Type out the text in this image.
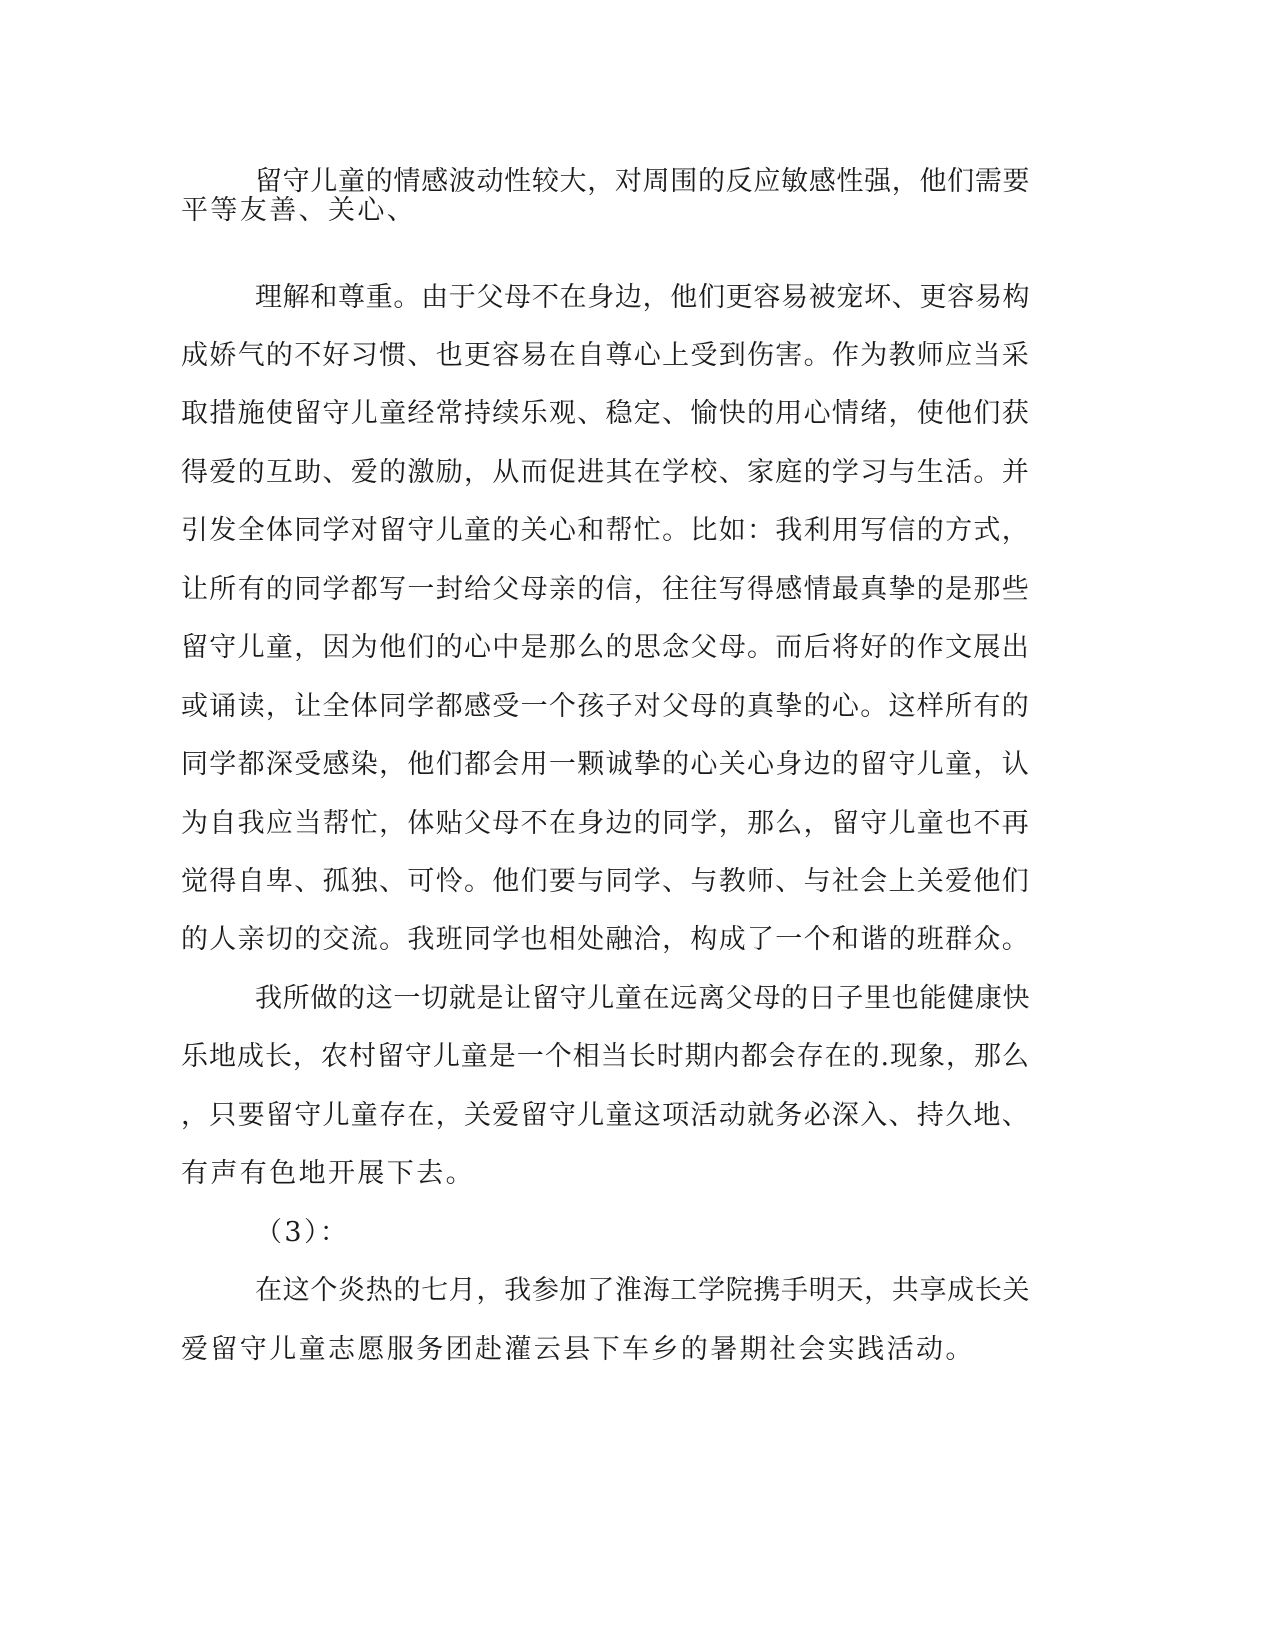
留守儿童的情感波动性较大，对周围的反应敏感性强，他们需要

平等友善、关心、

理解和尊重。由于父母不在身边，他们更容易被宠坏、更容易构

成娇气的不好习惯、也更容易在自尊心上受到伤害。作为教师应当采

取措施使留守儿童经常持续乐观、稳定、愉快的用心情绪，使他们获

得爱的互助、爱的激励，从而促进其在学校、家庭的学习与生活。并

引发全体同学对留守儿童的关心和帮忙。比如：我利用写信的方式，

让所有的同学都写一封给父母亲的信，往往写得感情最真挚的是那些

留守儿童，因为他们的心中是那么的思念父母。而后将好的作文展出

或诵读，让全体同学都感受一个孩子对父母的真挚的心。这样所有的

同学都深受感染，他们都会用一颗诚挚的心关心身边的留守儿童，认

为自我应当帮忙，体贴父母不在身边的同学，那么，留守儿童也不再

觉得自卑、孤独、可怜。他们要与同学、与教师、与社会上关爱他们

的人亲切的交流。我班同学也相处融洽，构成了一个和谐的班群众。

我所做的这一切就是让留守儿童在远离父母的日子里也能健康快

乐地成长，农村留守儿童是一个相当长时期内都会存在的.现象，那么

，只要留守儿童存在，关爱留守儿童这项活动就务必深入、持久地、

有声有色地开展下去。

（3）：

在这个炎热的七月，我参加了淮海工学院携手明天，共享成长关

爱留守儿童志愿服务团赴灌云县下车乡的暑期社会实践活动。
